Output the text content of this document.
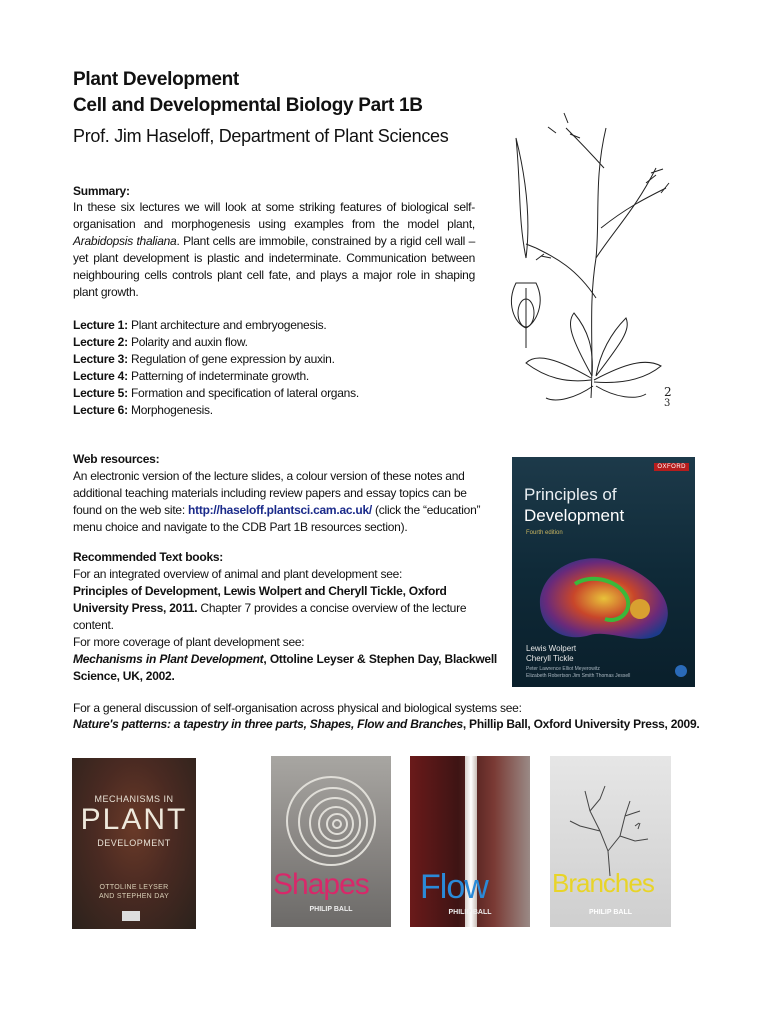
Plant Development
Cell and Developmental Biology Part 1B
Prof. Jim Haseloff, Department of Plant Sciences
2
3
Summary:
In these six lectures we will look at some striking features of biological self-organisation and morphogenesis using examples from the model plant, Arabidopsis thaliana. Plant cells are immobile, constrained by a rigid cell wall – yet plant development is plastic and indeterminate. Communication between neighbouring cells controls plant cell fate, and plays a major role in shaping plant growth.
Lecture 1: Plant architecture and embryogenesis.
Lecture 2: Polarity and auxin flow.
Lecture 3: Regulation of gene expression by auxin.
Lecture 4: Patterning of indeterminate growth.
Lecture 5: Formation and specification of lateral organs.
Lecture 6: Morphogenesis.
Web resources:
An electronic version of the lecture slides, a colour version of these notes and additional teaching materials including review papers and essay topics can be found on the web site: http://haseloff.plantsci.cam.ac.uk/ (click the “education” menu choice and navigate to the CDB Part 1B resources section).
Recommended Text books:
For an integrated overview of animal and plant development see:
Principles of Development, Lewis Wolpert and Cheryll Tickle, Oxford University Press, 2011. Chapter 7 provides a concise overview of the lecture content.
For more coverage of plant development see:
Mechanisms in Plant Development, Ottoline Leyser & Stephen Day, Blackwell Science, UK, 2002.
For a general discussion of self-organisation across physical and biological systems see:
Nature's patterns: a tapestry in three parts, Shapes, Flow and Branches, Phillip Ball, Oxford University Press, 2009.
OXFORD
Principles of
Development
Fourth edition
Lewis Wolpert
Cheryll Tickle
Peter Lawrence Elliot Meyerowitz
Elizabeth Robertson Jim Smith Thomas Jessell
MECHANISMS IN
PLANT
DEVELOPMENT
OTTOLINE LEYSER
AND STEPHEN DAY	Shapes
PHILIP BALL
Flow
PHILIP BALL
Branches
PHILIP BALL
